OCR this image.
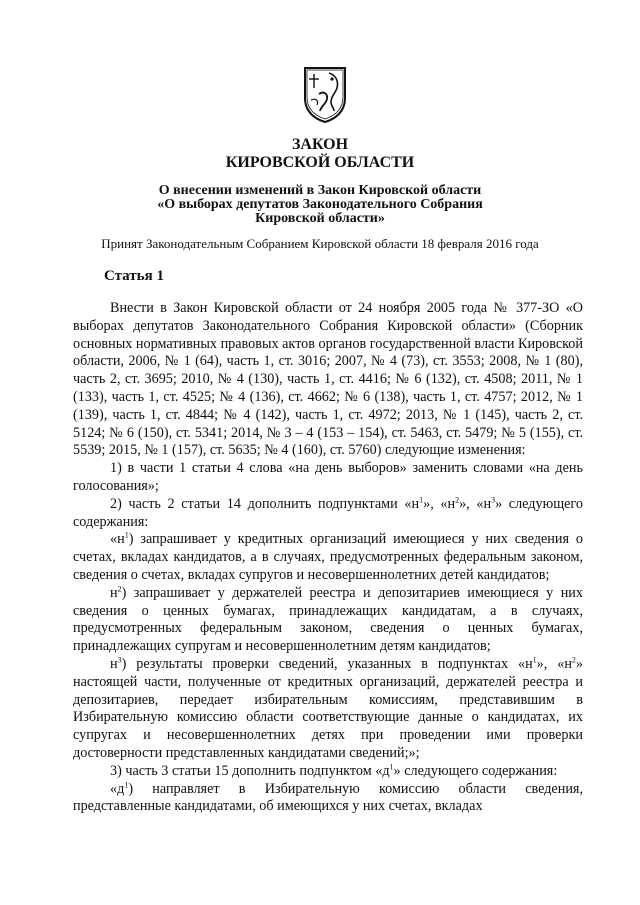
ЗАКОН
КИРОВСКОЙ ОБЛАСТИ
О внесении изменений в Закон Кировской области
«О выборах депутатов Законодательного Собрания
Кировской области»
Принят Законодательным Собранием Кировской области 18 февраля 2016 года
Статья 1

Внести в Закон Кировской области от 24 ноября 2005 года № 377-ЗО «О выборах депутатов Законодательного Собрания Кировской области» (Сборник основных нормативных правовых актов органов государственной власти Кировской области, 2006, № 1 (64), часть 1, ст. 3016; 2007, № 4 (73), ст. 3553; 2008, № 1 (80), часть 2, ст. 3695; 2010, № 4 (130), часть 1, ст. 4416; № 6 (132), ст. 4508; 2011, № 1 (133), часть 1, ст. 4525; № 4 (136), ст. 4662; № 6 (138), часть 1, ст. 4757; 2012, № 1 (139), часть 1, ст. 4844; № 4 (142), часть 1, ст. 4972; 2013, № 1 (145), часть 2, ст. 5124; № 6 (150), ст. 5341; 2014, № 3 – 4 (153 – 154), ст. 5463, ст. 5479; № 5 (155), ст. 5539; 2015, № 1 (157), ст. 5635; № 4 (160), ст. 5760) следующие изменения:

1) в части 1 статьи 4 слова «на день выборов» заменить словами «на день голосования»;

2) часть 2 статьи 14 дополнить подпунктами «$н^1$», «$н^2$», «$н^3$» следующего содержания:

«$н^1$) запрашивает у кредитных организаций имеющиеся у них сведения о счетах, вкладах кандидатов, а в случаях, предусмотренных федеральным законом, сведения о счетах, вкладах супругов и несовершеннолетних детей кандидатов;

$н^2$) запрашивает у держателей реестра и депозитариев имеющиеся у них сведения о ценных бумагах, принадлежащих кандидатам, а в случаях, предусмотренных федеральным законом, сведения о ценных бумагах, принадлежащих супругам и несовершеннолетним детям кандидатов;

$н^3$) результаты проверки сведений, указанных в подпунктах «$н^1$», «$н^2$» настоящей части, полученные от кредитных организаций, держателей реестра и депозитариев, передает избирательным комиссиям, представившим в Избирательную комиссию области соответствующие данные о кандидатах, их супругах и несовершеннолетних детях при проведении ими проверки достоверности представленных кандидатами сведений;»;

3) часть 3 статьи 15 дополнить подпунктом «$д^1$» следующего содержания:

«$д^1$) направляет в Избирательную комиссию области сведения, представленные кандидатами, об имеющихся у них счетах, вкладах
